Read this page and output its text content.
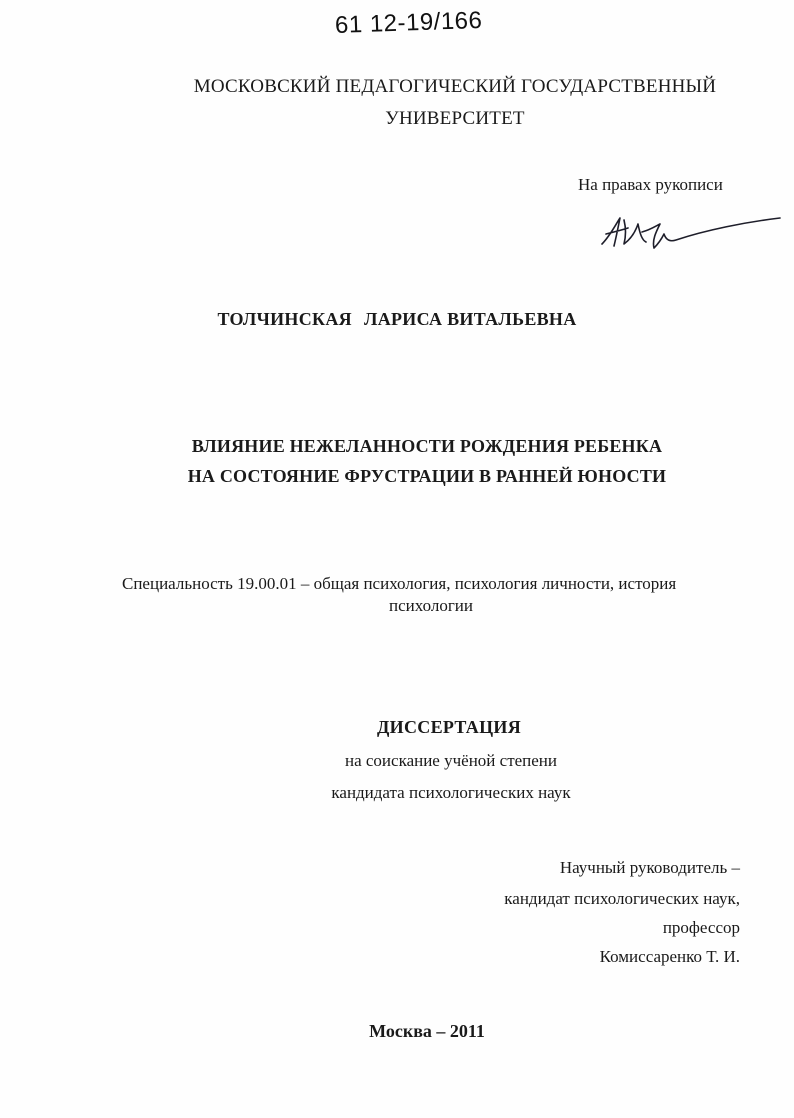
61 12-19/166
МОСКОВСКИЙ ПЕДАГОГИЧЕСКИЙ ГОСУДАРСТВЕННЫЙ
УНИВЕРСИТЕТ
На правах рукописи
ТОЛЧИНСКАЯ ЛАРИСА ВИТАЛЬЕВНА
ВЛИЯНИЕ НЕЖЕЛАННОСТИ РОЖДЕНИЯ РЕБЕНКА
НА СОСТОЯНИЕ ФРУСТРАЦИИ В РАННЕЙ ЮНОСТИ
Специальность 19.00.01 – общая психология, психология личности, история
психологии
ДИССЕРТАЦИЯ
на соискание учёной степени
кандидата психологических наук
Научный руководитель –
кандидат психологических наук,
профессор
Комиссаренко Т. И.
Москва – 2011
